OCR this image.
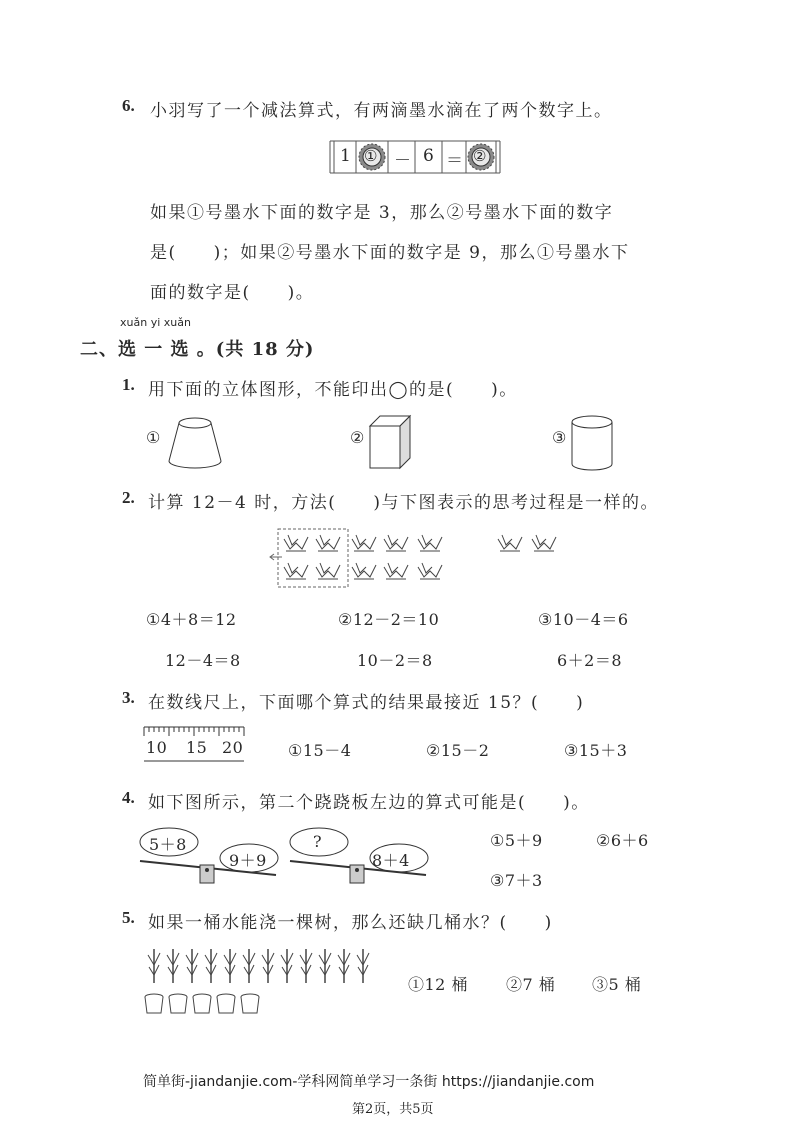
6. 小羽写了一个减法算式，有两滴墨水滴在了两个数字上。
1 ① － 6 ＝ ②
如果①号墨水下面的数字是 3，那么②号墨水下面的数字
是(　　)；如果②号墨水下面的数字是 9，那么①号墨水下
面的数字是(　　)。
xuǎn yi xuǎn
二、选 一 选 。(共 18 分)
1. 用下面的立体图形，不能印出◯的是(　　)。
①	②	③
2. 计算 12－4 时，方法(　　)与下图表示的思考过程是一样的。
①4＋8＝12
12－4＝8
②12－2＝10
10－2＝8
③10－4＝6
6＋2＝8
3. 在数线尺上，下面哪个算式的结果最接近 15？(　　)
10 15 20	①15－4	②15－2	③15＋3
4. 如下图所示，第二个跷跷板左边的算式可能是(　　)。
5＋8
9＋9
?
8＋4
①5＋9	②6＋6
③7＋3
5. 如果一桶水能浇一棵树，那么还缺几桶水？(　　)
①12 桶 ②7 桶 ③5 桶
简单街-jiandanjie.com-学科网简单学习一条街 https://jiandanjie.com
第2页，共5页
